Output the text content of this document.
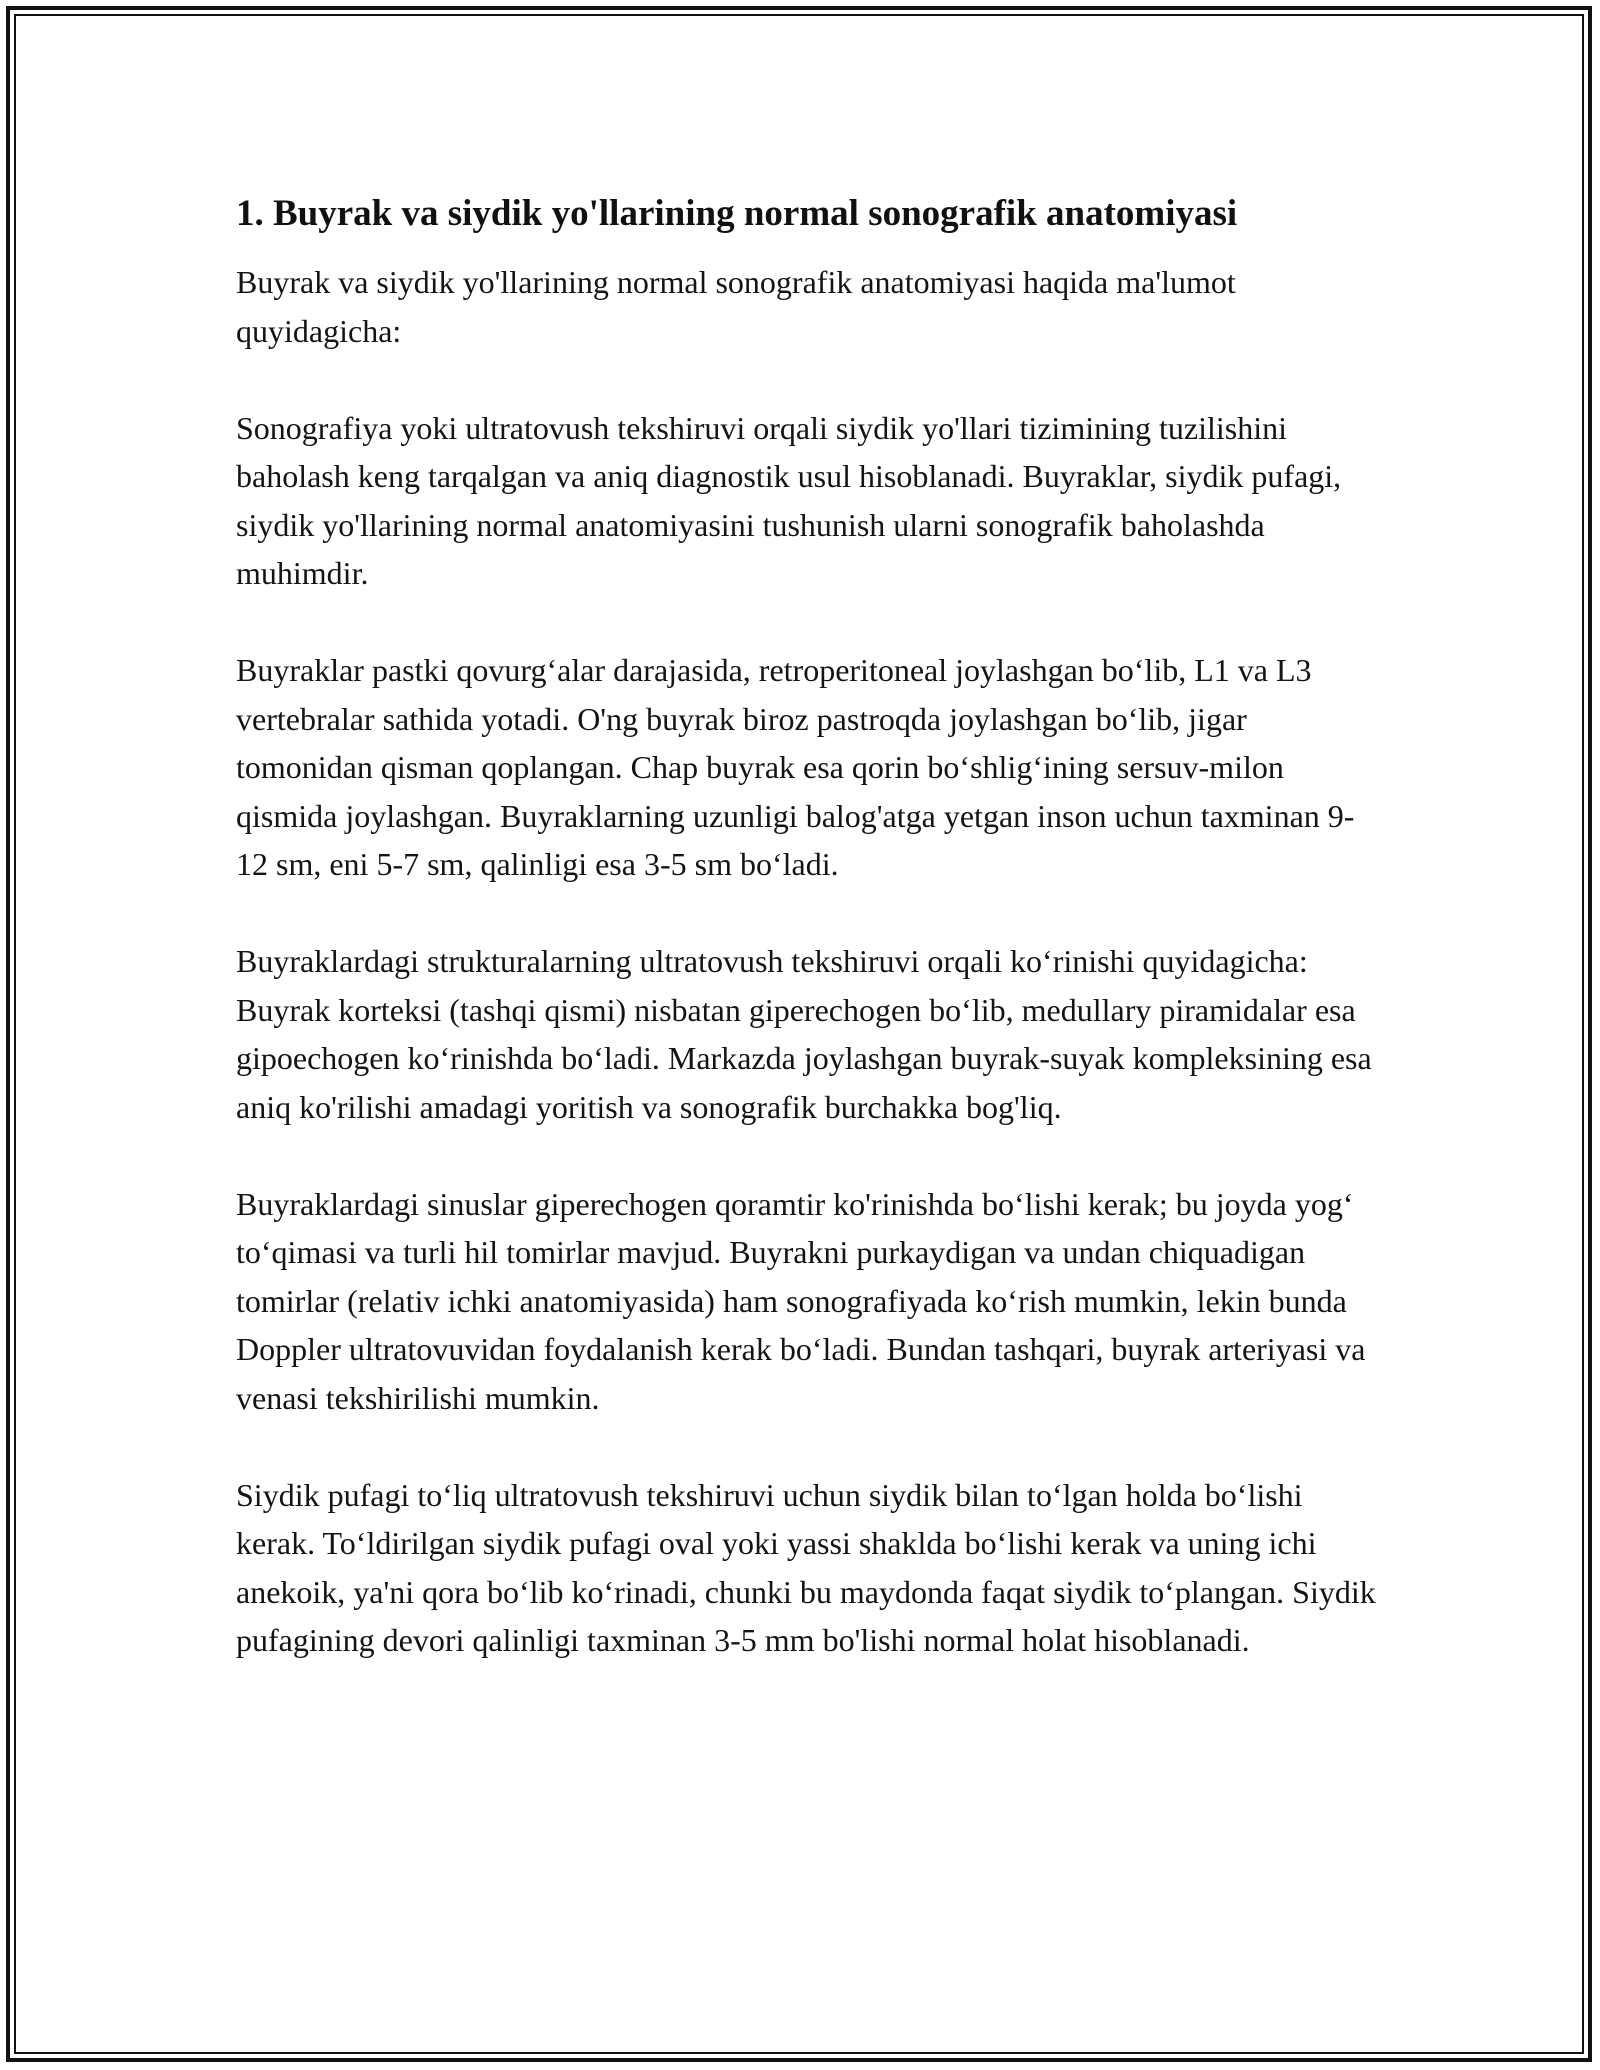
1. Buyrak va siydik yo'llarining normal sonografik anatomiyasi

Buyrak va siydik yo'llarining normal sonografik anatomiyasi haqida ma'lumot quyidagicha:

Sonografiya yoki ultratovush tekshiruvi orqali siydik yo'llari tizimining tuzilishini baholash keng tarqalgan va aniq diagnostik usul hisoblanadi. Buyraklar, siydik pufagi, siydik yo'llarining normal anatomiyasini tushunish ularni sonografik baholashda muhimdir.

Buyraklar pastki qovurg‘alar darajasida, retroperitoneal joylashgan bo‘lib, L1 va L3 vertebralar sathida yotadi. O'ng buyrak biroz pastroqda joylashgan bo‘lib, jigar tomonidan qisman qoplangan. Chap buyrak esa qorin bo‘shlig‘ining sersuv-milon qismida joylashgan. Buyraklarning uzunligi balog'atga yetgan inson uchun taxminan 9-12 sm, eni 5-7 sm, qalinligi esa 3-5 sm bo‘ladi.

Buyraklardagi strukturalarning ultratovush tekshiruvi orqali ko‘rinishi quyidagicha: Buyrak korteksi (tashqi qismi) nisbatan giperechogen bo‘lib, medullary piramidalar esa gipoechogen ko‘rinishda bo‘ladi. Markazda joylashgan buyrak-suyak kompleksining esa aniq ko'rilishi amadagi yoritish va sonografik burchakka bog'liq.

Buyraklardagi sinuslar giperechogen qoramtir ko'rinishda bo‘lishi kerak; bu joyda yog‘ to‘qimasi va turli hil tomirlar mavjud. Buyrakni purkaydigan va undan chiquadigan tomirlar (relativ ichki anatomiyasida) ham sonografiyada ko‘rish mumkin, lekin bunda Doppler ultratovuvidan foydalanish kerak bo‘ladi. Bundan tashqari, buyrak arteriyasi va venasi tekshirilishi mumkin.

Siydik pufagi to‘liq ultratovush tekshiruvi uchun siydik bilan to‘lgan holda bo‘lishi kerak. To‘ldirilgan siydik pufagi oval yoki yassi shaklda bo‘lishi kerak va uning ichi anekoik, ya'ni qora bo‘lib ko‘rinadi, chunki bu maydonda faqat siydik to‘plangan. Siydik pufagining devori qalinligi taxminan 3-5 mm bo'lishi normal holat hisoblanadi.
